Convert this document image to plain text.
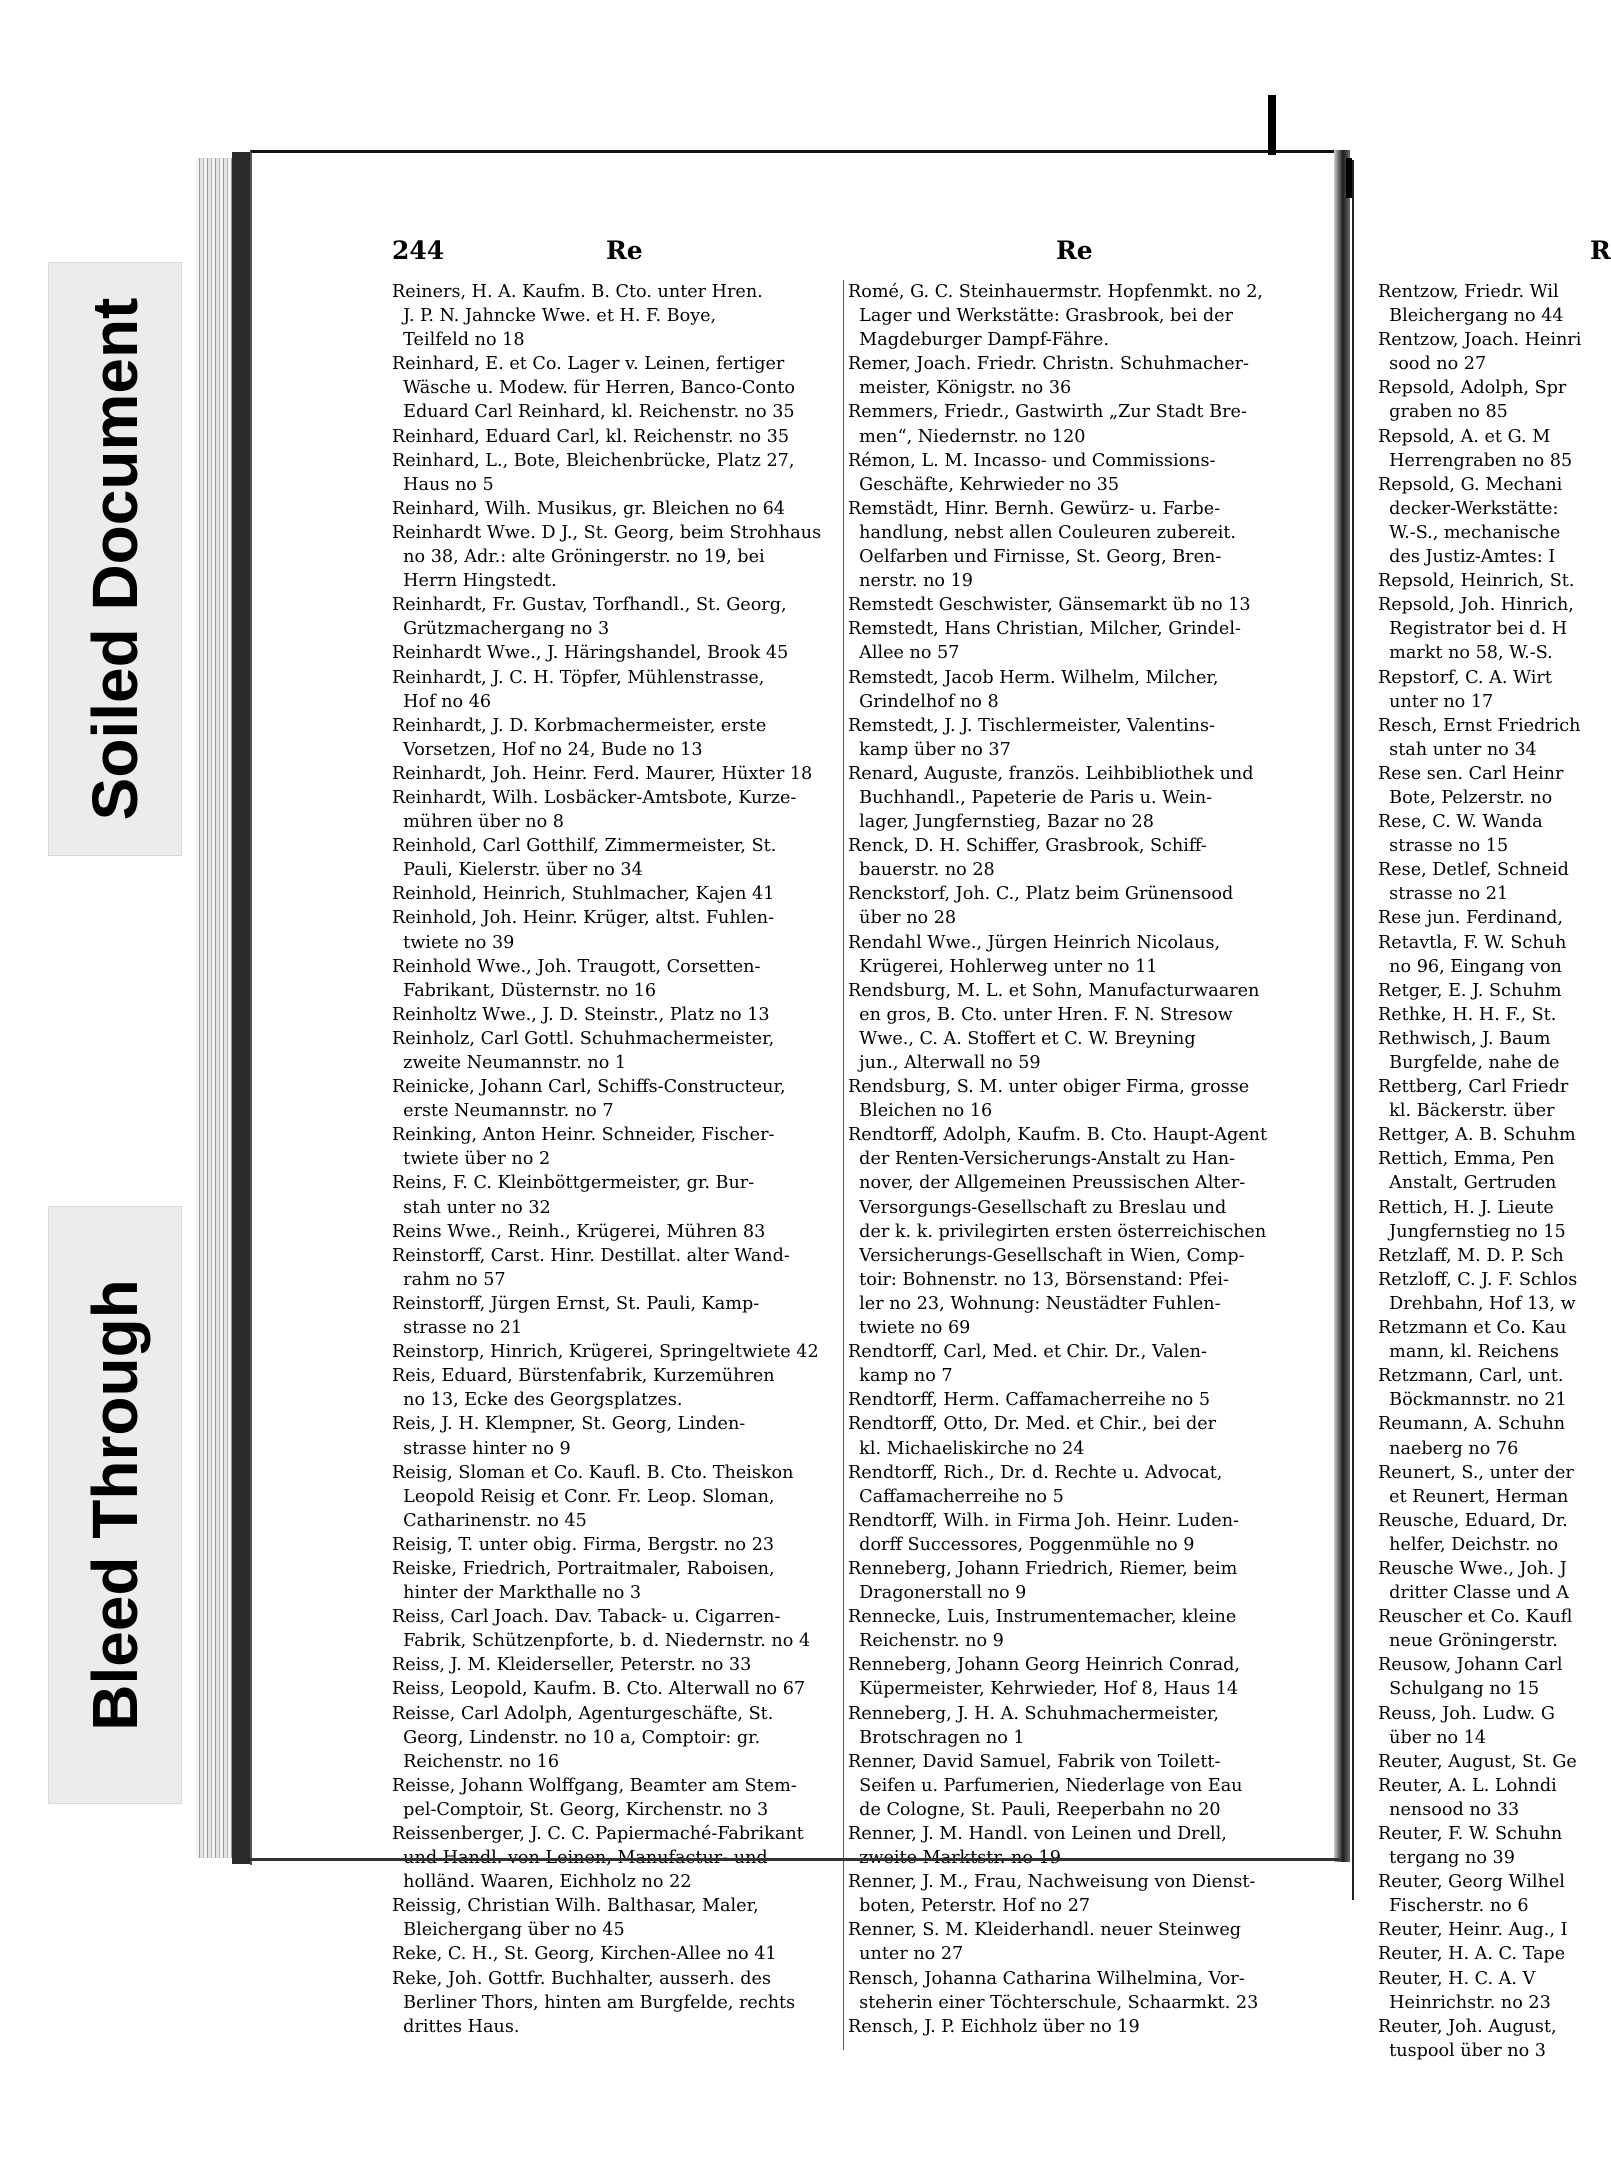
Soiled Document
Bleed Through
244	Re	Re	R
Reiners, H. A. Kaufm. B. Cto. unter Hren.
J. P. N. Jahncke Wwe. et H. F. Boye,
Teilfeld no 18
Reinhard, E. et Co. Lager v. Leinen, fertiger
Wäsche u. Modew. für Herren, Banco-Conto
Eduard Carl Reinhard, kl. Reichenstr. no 35
Reinhard, Eduard Carl, kl. Reichenstr. no 35
Reinhard, L., Bote, Bleichenbrücke, Platz 27,
Haus no 5
Reinhard, Wilh. Musikus, gr. Bleichen no 64
Reinhardt Wwe. D J., St. Georg, beim Strohhaus
no 38, Adr.: alte Gröningerstr. no 19, bei
Herrn Hingstedt.
Reinhardt, Fr. Gustav, Torfhandl., St. Georg,
Grützmachergang no 3
Reinhardt Wwe., J. Häringshandel, Brook 45
Reinhardt, J. C. H. Töpfer, Mühlenstrasse,
Hof no 46
Reinhardt, J. D. Korbmachermeister, erste
Vorsetzen, Hof no 24, Bude no 13
Reinhardt, Joh. Heinr. Ferd. Maurer, Hüxter 18
Reinhardt, Wilh. Losbäcker-Amtsbote, Kurze-
mühren über no 8
Reinhold, Carl Gotthilf, Zimmermeister, St.
Pauli, Kielerstr. über no 34
Reinhold, Heinrich, Stuhlmacher, Kajen 41
Reinhold, Joh. Heinr. Krüger, altst. Fuhlen-
twiete no 39
Reinhold Wwe., Joh. Traugott, Corsetten-
Fabrikant, Düsternstr. no 16
Reinholtz Wwe., J. D. Steinstr., Platz no 13
Reinholz, Carl Gottl. Schuhmachermeister,
zweite Neumannstr. no 1
Reinicke, Johann Carl, Schiffs-Constructeur,
erste Neumannstr. no 7
Reinking, Anton Heinr. Schneider, Fischer-
twiete über no 2
Reins, F. C. Kleinböttgermeister, gr. Bur-
stah unter no 32
Reins Wwe., Reinh., Krügerei, Mühren 83
Reinstorff, Carst. Hinr. Destillat. alter Wand-
rahm no 57
Reinstorff, Jürgen Ernst, St. Pauli, Kamp-
strasse no 21
Reinstorp, Hinrich, Krügerei, Springeltwiete 42
Reis, Eduard, Bürstenfabrik, Kurzemühren
no 13, Ecke des Georgsplatzes.
Reis, J. H. Klempner, St. Georg, Linden-
strasse hinter no 9
Reisig, Sloman et Co. Kaufl. B. Cto. Theiskon
Leopold Reisig et Conr. Fr. Leop. Sloman,
Catharinenstr. no 45
Reisig, T. unter obig. Firma, Bergstr. no 23
Reiske, Friedrich, Portraitmaler, Raboisen,
hinter der Markthalle no 3
Reiss, Carl Joach. Dav. Taback- u. Cigarren-
Fabrik, Schützenpforte, b. d. Niedernstr. no 4
Reiss, J. M. Kleiderseller, Peterstr. no 33
Reiss, Leopold, Kaufm. B. Cto. Alterwall no 67
Reisse, Carl Adolph, Agenturgeschäfte, St.
Georg, Lindenstr. no 10 a, Comptoir: gr.
Reichenstr. no 16
Reisse, Johann Wolffgang, Beamter am Stem-
pel-Comptoir, St. Georg, Kirchenstr. no 3
Reissenberger, J. C. C. Papiermaché-Fabrikant
holländ. Waaren, Eichholz no 22
Reissig, Christian Wilh. Balthasar, Maler,
Bleichergang über no 45
Reke, C. H., St. Georg, Kirchen-Allee no 41
Reke, Joh. Gottfr. Buchhalter, ausserh. des
Berliner Thors, hinten am Burgfelde, rechts
drittes Haus.
Romé, G. C. Steinhauermstr. Hopfenmkt. no 2,
Lager und Werkstätte: Grasbrook, bei der
Magdeburger Dampf-Fähre.
Remer, Joach. Friedr. Christn. Schuhmacher-
meister, Königstr. no 36
Remmers, Friedr., Gastwirth „Zur Stadt Bre-
men“, Niedernstr. no 120
Rémon, L. M. Incasso- und Commissions-
Geschäfte, Kehrwieder no 35
Remstädt, Hinr. Bernh. Gewürz- u. Farbe-
handlung, nebst allen Couleuren zubereit.
Oelfarben und Firnisse, St. Georg, Bren-
nerstr. no 19
Remstedt Geschwister, Gänsemarkt üb no 13
Remstedt, Hans Christian, Milcher, Grindel-
Allee no 57
Remstedt, Jacob Herm. Wilhelm, Milcher,
Grindelhof no 8
Remstedt, J. J. Tischlermeister, Valentins-
kamp über no 37
Renard, Auguste, französ. Leihbibliothek und
Buchhandl., Papeterie de Paris u. Wein-
lager, Jungfernstieg, Bazar no 28
Renck, D. H. Schiffer, Grasbrook, Schiff-
bauerstr. no 28
Renckstorf, Joh. C., Platz beim Grünensood
über no 28
Rendahl Wwe., Jürgen Heinrich Nicolaus,
Krügerei, Hohlerweg unter no 11
Rendsburg, M. L. et Sohn, Manufacturwaaren
en gros, B. Cto. unter Hren. F. N. Stresow
Wwe., C. A. Stoffert et C. W. Breyning
jun., Alterwall no 59
Rendsburg, S. M. unter obiger Firma, grosse
Bleichen no 16
Rendtorff, Adolph, Kaufm. B. Cto. Haupt-Agent
der Renten-Versicherungs-Anstalt zu Han-
nover, der Allgemeinen Preussischen Alter-
Versorgungs-Gesellschaft zu Breslau und
der k. k. privilegirten ersten österreichischen
Versicherungs-Gesellschaft in Wien, Comp-
toir: Bohnenstr. no 13, Börsenstand: Pfei-
ler no 23, Wohnung: Neustädter Fuhlen-
twiete no 69
Rendtorff, Carl, Med. et Chir. Dr., Valen-
kamp no 7
Rendtorff, Herm. Caffamacherreihe no 5
Rendtorff, Otto, Dr. Med. et Chir., bei der
kl. Michaeliskirche no 24
Rendtorff, Rich., Dr. d. Rechte u. Advocat,
Caffamacherreihe no 5
Rendtorff, Wilh. in Firma Joh. Heinr. Luden-
dorff Successores, Poggenmühle no 9
Renneberg, Johann Friedrich, Riemer, beim
Dragonerstall no 9
Rennecke, Luis, Instrumentemacher, kleine
Reichenstr. no 9
Renneberg, Johann Georg Heinrich Conrad,
Küpermeister, Kehrwieder, Hof 8, Haus 14
Renneberg, J. H. A. Schuhmachermeister,
Brotschragen no 1
Renner, David Samuel, Fabrik von Toilett-
Seifen u. Parfumerien, Niederlage von Eau
de Cologne, St. Pauli, Reeperbahn no 20
Renner, J. M. Handl. von Leinen und Drell,
Renner, J. M., Frau, Nachweisung von Dienst-
boten, Peterstr. Hof no 27
Renner, S. M. Kleiderhandl. neuer Steinweg
unter no 27
Rensch, Johanna Catharina Wilhelmina, Vor-
steherin einer Töchterschule, Schaarmkt. 23
Rensch, J. P. Eichholz über no 19
Rentzow, Friedr. Wil
Bleichergang no 44
Rentzow, Joach. Heinri
sood no 27
Repsold, Adolph, Spr
graben no 85
Repsold, A. et G. M
Herrengraben no 85
Repsold, G. Mechani
decker-Werkstätte:
W.-S., mechanische
des Justiz-Amtes: I
Repsold, Heinrich, St.
Repsold, Joh. Hinrich,
Registrator bei d. H
markt no 58, W.-S.
Repstorf, C. A. Wirt
unter no 17
Resch, Ernst Friedrich
stah unter no 34
Rese sen. Carl Heinr
Bote, Pelzerstr. no
Rese, C. W. Wanda
strasse no 15
Rese, Detlef, Schneid
strasse no 21
Rese jun. Ferdinand,
Retavtla, F. W. Schuh
no 96, Eingang von
Retger, E. J. Schuhm
Rethke, H. H. F., St.
Rethwisch, J. Baum
Burgfelde, nahe de
Rettberg, Carl Friedr
kl. Bäckerstr. über
Rettger, A. B. Schuhm
Rettich, Emma, Pen
Anstalt, Gertruden
Rettich, H. J. Lieute
Jungfernstieg no 15
Retzlaff, M. D. P. Sch
Retzloff, C. J. F. Schlos
Drehbahn, Hof 13, w
Retzmann et Co. Kau
mann, kl. Reichens
Retzmann, Carl, unt.
Böckmannstr. no 21
Reumann, A. Schuhn
naeberg no 76
Reunert, S., unter der
et Reunert, Herman
Reusche, Eduard, Dr.
helfer, Deichstr. no
Reusche Wwe., Joh. J
dritter Classe und A
Reuscher et Co. Kaufl
neue Gröningerstr.
Reusow, Johann Carl
Schulgang no 15
Reuss, Joh. Ludw. G
über no 14
Reuter, August, St. Ge
Reuter, A. L. Lohndi
nensood no 33
Reuter, F. W. Schuhn
tergang no 39
Reuter, Georg Wilhel
Fischerstr. no 6
Reuter, Heinr. Aug., I
Reuter, H. A. C. Tape
Reuter, H. C. A. V
Heinrichstr. no 23
Reuter, Joh. August,
tuspool über no 3
